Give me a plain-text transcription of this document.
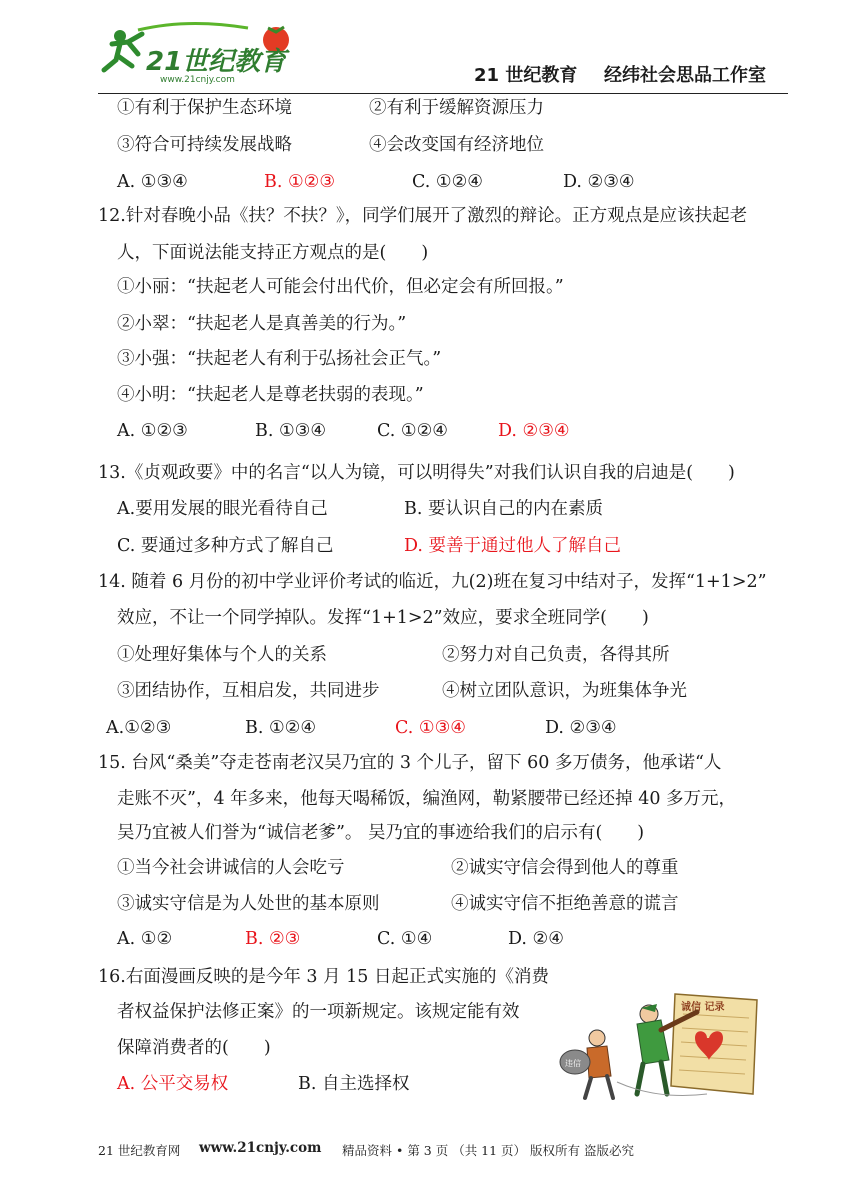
21世纪教育
www.21cnjy.com	21 世纪教育 经纬社会思品工作室
①有利于保护生态环境	②有利于缓解资源压力
③符合可持续发展战略	④会改变国有经济地位
A. ①③④	B. ①②③	C. ①②④	D. ②③④
12.针对春晚小品《扶？不扶？》，同学们展开了激烈的辩论。正方观点是应该扶起老
人，下面说法能支持正方观点的是(　　)
①小丽：“扶起老人可能会付出代价，但必定会有所回报。”
②小翠：“扶起老人是真善美的行为。”
③小强：“扶起老人有利于弘扬社会正气。”
④小明：“扶起老人是尊老扶弱的表现。”
A. ①②③	B. ①③④	C. ①②④	D. ②③④
13.《贞观政要》中的名言“以人为镜，可以明得失”对我们认识自我的启迪是(　　)
A.要用发展的眼光看待自己	B. 要认识自己的内在素质
C. 要通过多种方式了解自己	D. 要善于通过他人了解自己
14. 随着 6 月份的初中学业评价考试的临近，九(2)班在复习中结对子，发挥“1+1>2”
效应，不让一个同学掉队。发挥“1+1>2”效应，要求全班同学(　　)
①处理好集体与个人的关系	②努力对自己负责，各得其所
③团结协作，互相启发，共同进步	④树立团队意识，为班集体争光
A.①②③	B. ①②④	C. ①③④	D. ②③④
15. 台风“桑美”夺走苍南老汉吴乃宜的 3 个儿子，留下 60 多万债务，他承诺“人
走账不灭”，4 年多来，他每天喝稀饭，编渔网，勒紧腰带已经还掉 40 多万元，
吴乃宜被人们誉为“诚信老爹”。 吴乃宜的事迹给我们的启示有(　　)
①当今社会讲诚信的人会吃亏	②诚实守信会得到他人的尊重
③诚实守信是为人处世的基本原则	④诚实守信不拒绝善意的谎言
A. ①②	B. ②③	C. ①④	D. ②④
16.右面漫画反映的是今年 3 月 15 日起正式实施的《消费
者权益保护法修正案》的一项新规定。该规定能有效
保障消费者的(　　)
A. 公平交易权	B. 自主选择权
诚信 记录
违信
21 世纪教育网 www.21cnjy.com 精品资料 • 第 3 页 （共 11 页） 版权所有 盗版必究
